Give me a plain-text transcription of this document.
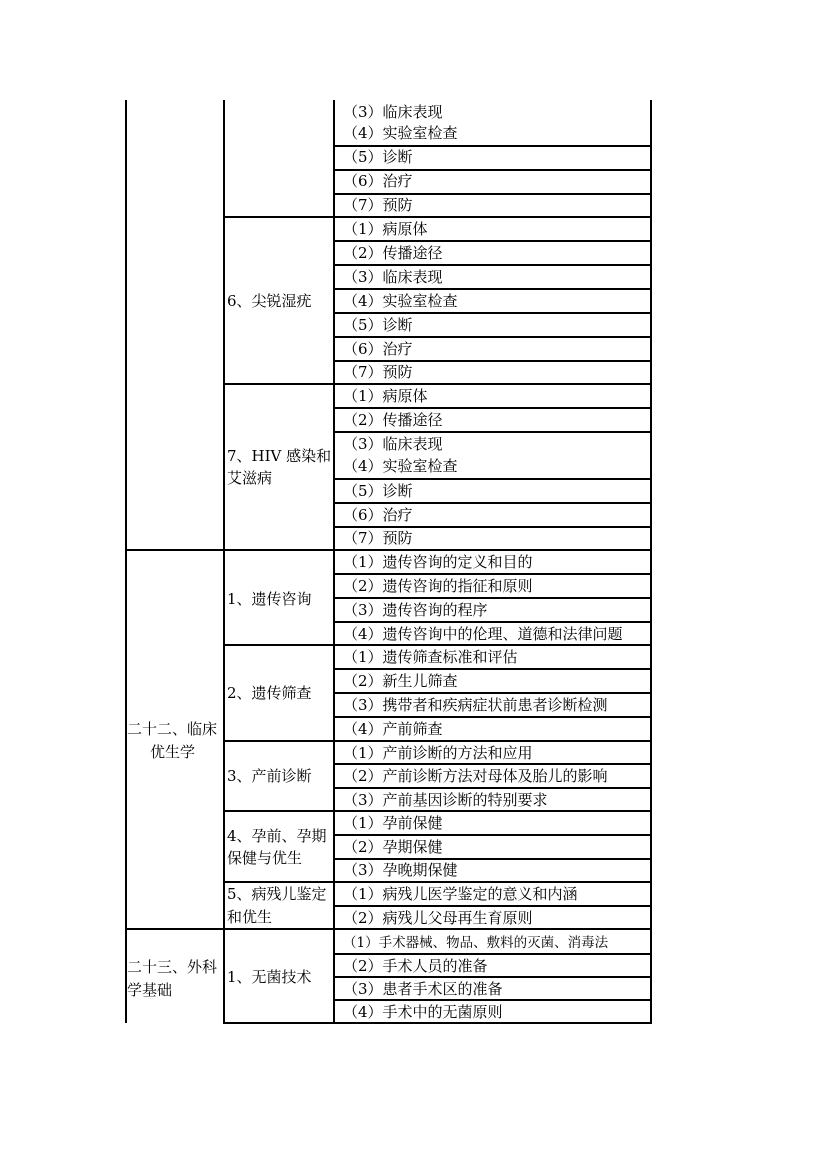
二十二、临床
优生学
二十三、外科
学基础
6、尖锐湿疣
7、HIV 感染和
艾滋病
1、遗传咨询
2、遗传筛查
3、产前诊断
4、孕前、孕期
保健与优生
5、病残儿鉴定
和优生
1、无菌技术
（3）临床表现
（4）实验室检查
（5）诊断
（6）治疗
（7）预防
（1）病原体
（2）传播途径
（3）临床表现
（4）实验室检查
（5）诊断
（6）治疗
（7）预防
（1）病原体
（2）传播途径
（3）临床表现
（4）实验室检查
（5）诊断
（6）治疗
（7）预防
（1）遗传咨询的定义和目的
（2）遗传咨询的指征和原则
（3）遗传咨询的程序
（4）遗传咨询中的伦理、道德和法律问题
（1）遗传筛查标准和评估
（2）新生儿筛查
（3）携带者和疾病症状前患者诊断检测
（4）产前筛查
（1）产前诊断的方法和应用
（2）产前诊断方法对母体及胎儿的影响
（3）产前基因诊断的特别要求
（1）孕前保健
（2）孕期保健
（3）孕晚期保健
（1）病残儿医学鉴定的意义和内涵
（2）病残儿父母再生育原则
（1）手术器械、物品、敷料的灭菌、消毒法
（2）手术人员的准备
（3）患者手术区的准备
（4）手术中的无菌原则
